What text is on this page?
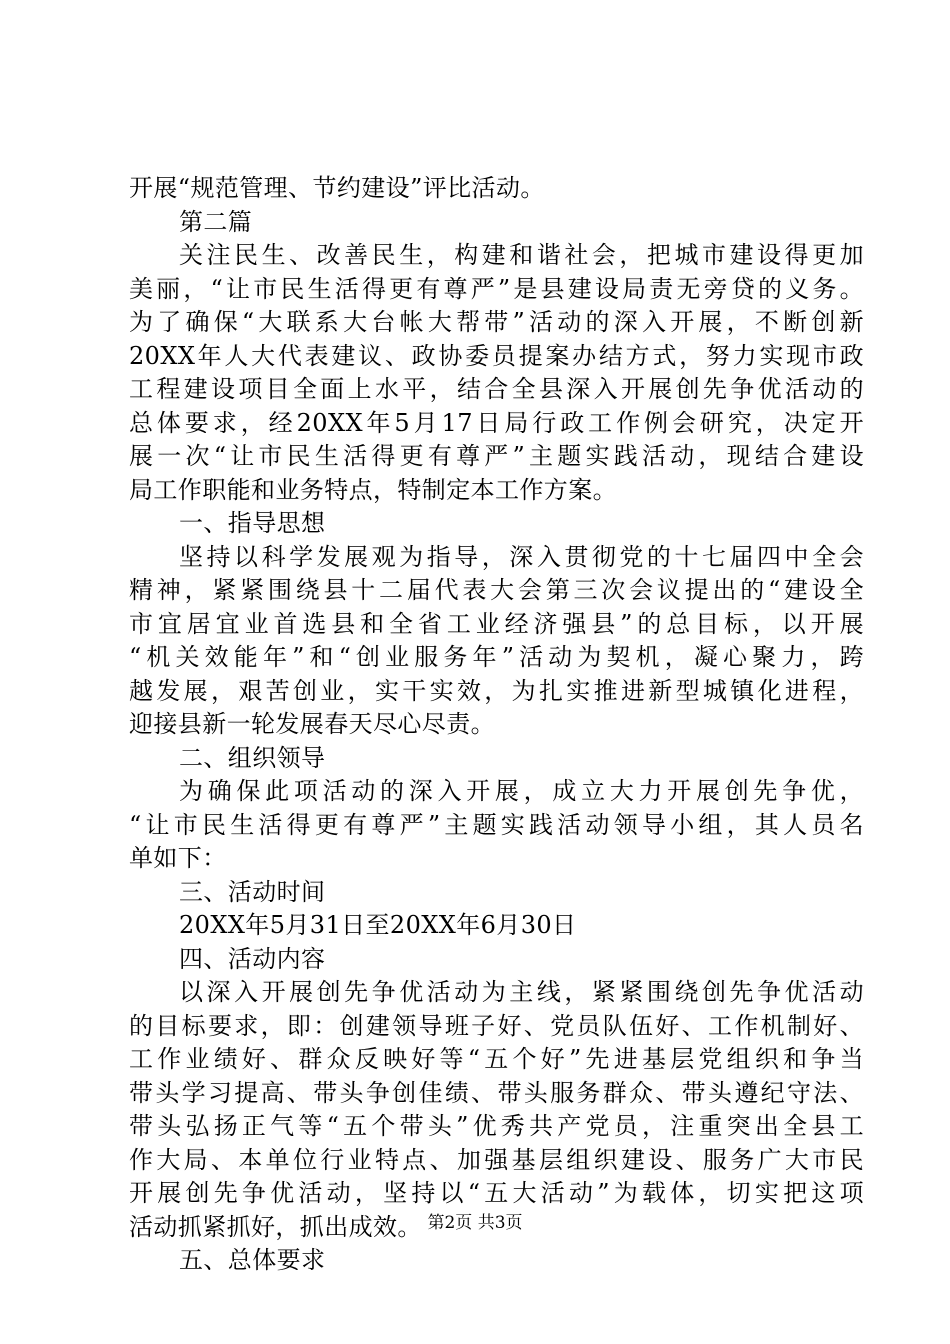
开展“规范管理、节约建设”评比活动。
第二篇
关注民生、改善民生，构建和谐社会，把城市建设得更加
美丽，“让市民生活得更有尊严”是县建设局责无旁贷的义务。
为了确保“大联系大台帐大帮带”活动的深入开展，不断创新
20XX年人大代表建议、政协委员提案办结方式，努力实现市政
工程建设项目全面上水平，结合全县深入开展创先争优活动的
总体要求，经20XX年5月17日局行政工作例会研究，决定开
展一次“让市民生活得更有尊严”主题实践活动，现结合建设
局工作职能和业务特点，特制定本工作方案。
一、指导思想
坚持以科学发展观为指导，深入贯彻党的十七届四中全会
精神，紧紧围绕县十二届代表大会第三次会议提出的“建设全
市宜居宜业首选县和全省工业经济强县”的总目标，以开展
“机关效能年”和“创业服务年”活动为契机，凝心聚力，跨
越发展，艰苦创业，实干实效，为扎实推进新型城镇化进程，
迎接县新一轮发展春天尽心尽责。
二、组织领导
为确保此项活动的深入开展，成立大力开展创先争优，
“让市民生活得更有尊严”主题实践活动领导小组，其人员名
单如下：
三、活动时间
20XX年5月31日至20XX年6月30日
四、活动内容
以深入开展创先争优活动为主线，紧紧围绕创先争优活动
的目标要求，即：创建领导班子好、党员队伍好、工作机制好、
工作业绩好、群众反映好等“五个好”先进基层党组织和争当
带头学习提高、带头争创佳绩、带头服务群众、带头遵纪守法、
带头弘扬正气等“五个带头”优秀共产党员，注重突出全县工
作大局、本单位行业特点、加强基层组织建设、服务广大市民
开展创先争优活动，坚持以“五大活动”为载体，切实把这项
活动抓紧抓好，抓出成效。
五、总体要求
第2页 共3页
